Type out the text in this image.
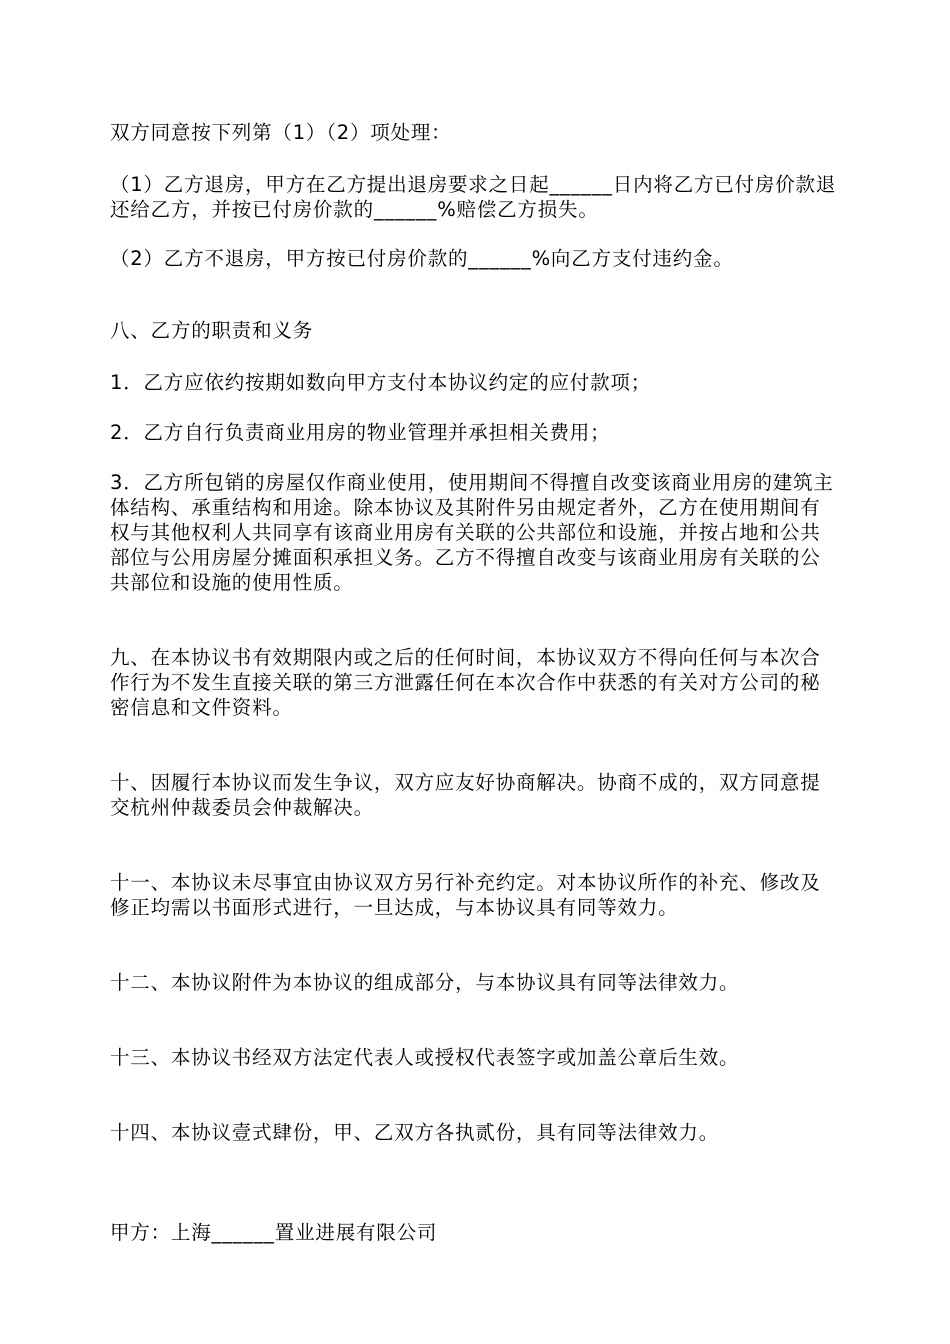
双方同意按下列第（1）（2）项处理：

（1）乙方退房，甲方在乙方提出退房要求之日起______日内将乙方已付房价款退还给乙方，并按已付房价款的______%赔偿乙方损失。

（2）乙方不退房，甲方按已付房价款的______%向乙方支付违约金。

八、乙方的职责和义务

1．乙方应依约按期如数向甲方支付本协议约定的应付款项；

2．乙方自行负责商业用房的物业管理并承担相关费用；

3．乙方所包销的房屋仅作商业使用，使用期间不得擅自改变该商业用房的建筑主体结构、承重结构和用途。除本协议及其附件另由规定者外，乙方在使用期间有权与其他权利人共同享有该商业用房有关联的公共部位和设施，并按占地和公共部位与公用房屋分摊面积承担义务。乙方不得擅自改变与该商业用房有关联的公共部位和设施的使用性质。

九、在本协议书有效期限内或之后的任何时间，本协议双方不得向任何与本次合作行为不发生直接关联的第三方泄露任何在本次合作中获悉的有关对方公司的秘密信息和文件资料。

十、因履行本协议而发生争议，双方应友好协商解决。协商不成的，双方同意提交杭州仲裁委员会仲裁解决。

十一、本协议未尽事宜由协议双方另行补充约定。对本协议所作的补充、修改及修正均需以书面形式进行，一旦达成，与本协议具有同等效力。

十二、本协议附件为本协议的组成部分，与本协议具有同等法律效力。

十三、本协议书经双方法定代表人或授权代表签字或加盖公章后生效。

十四、本协议壹式肆份，甲、乙双方各执贰份，具有同等法律效力。

甲方：上海______置业进展有限公司
